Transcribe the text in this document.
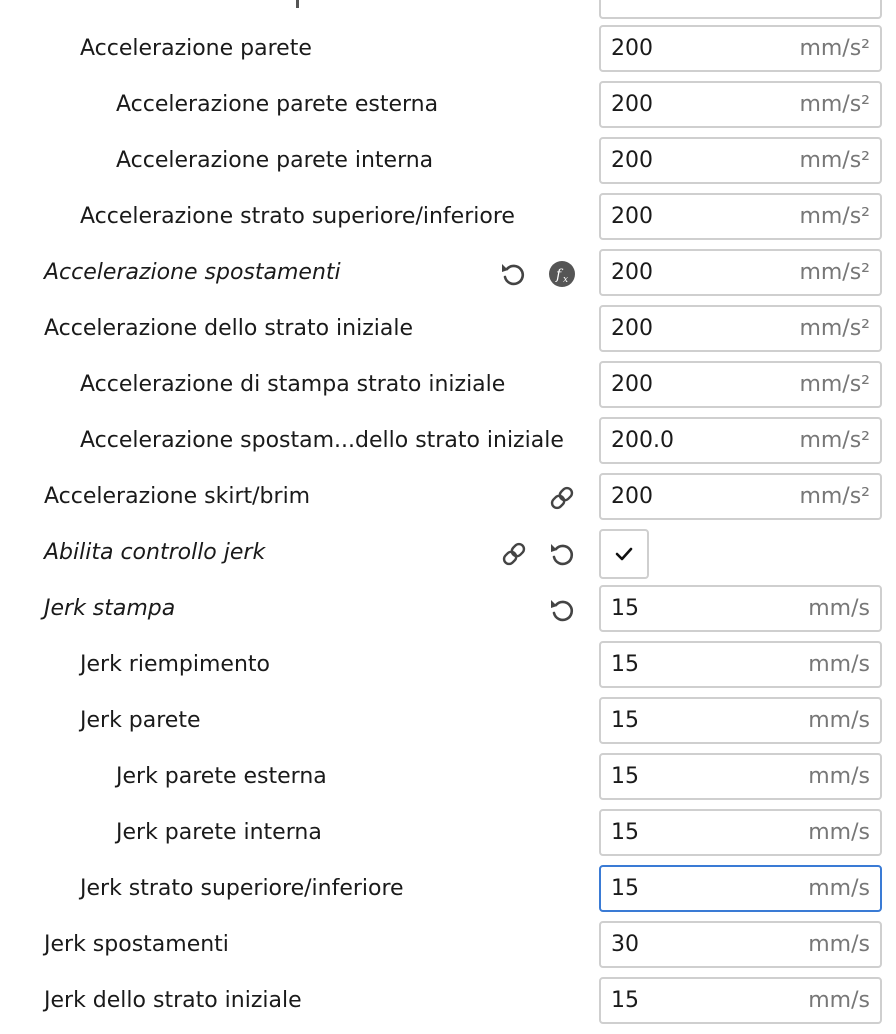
Accelerazione parete	200	mm/s²
Accelerazione parete esterna	200	mm/s²
Accelerazione parete interna	200	mm/s²
Accelerazione strato superiore/inferiore	200	mm/s²
Accelerazione spostamenti	f x 200	mm/s²
Accelerazione dello strato iniziale	200	mm/s²
Accelerazione di stampa strato iniziale	200	mm/s²
Accelerazione spostam...dello strato iniziale 200.0	mm/s²
Accelerazione skirt/brim	200	mm/s²
Abilita controllo jerk
Jerk stampa	15	mm/s
Jerk riempimento	15	mm/s
Jerk parete	15	mm/s
Jerk parete esterna	15	mm/s
Jerk parete interna	15	mm/s
Jerk strato superiore/inferiore	15	mm/s
Jerk spostamenti	30	mm/s
Jerk dello strato iniziale	15	mm/s
